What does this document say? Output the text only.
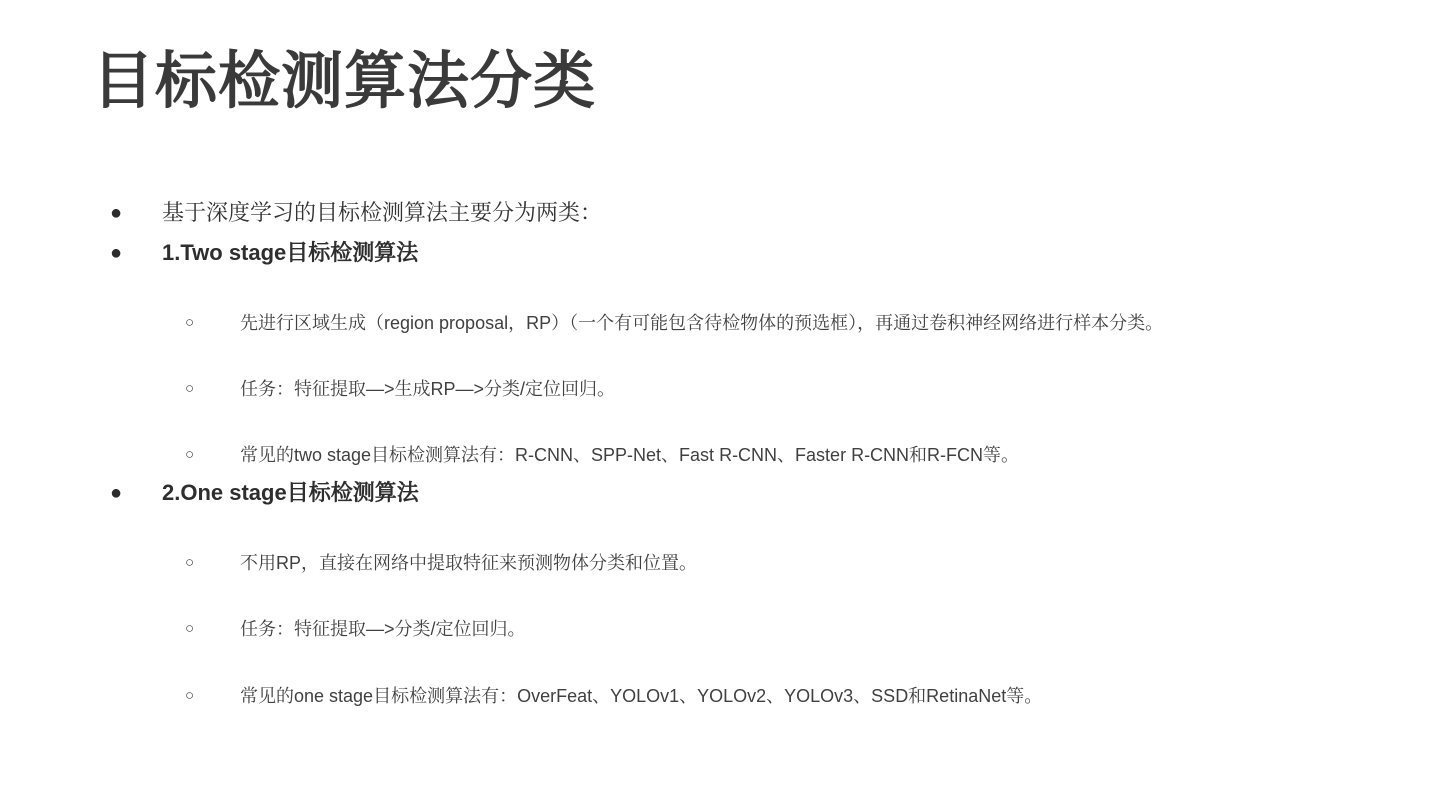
目标检测算法分类
● 基于深度学习的目标检测算法主要分为两类：
● 1.Two stage目标检测算法
○	先进行区域生成（region proposal，RP）（一个有可能包含待检物体的预选框），再通过卷积神经网络进行样本分类。
○	任务：特征提取—>生成RP—>分类/定位回归。
○	常见的two stage目标检测算法有：R-CNN、SPP-Net、Fast R-CNN、Faster R-CNN和R-FCN等。
● 2.One stage目标检测算法
○	不用RP，直接在网络中提取特征来预测物体分类和位置。
○	任务：特征提取—>分类/定位回归。
○	常见的one stage目标检测算法有：OverFeat、YOLOv1、YOLOv2、YOLOv3、SSD和RetinaNet等。
